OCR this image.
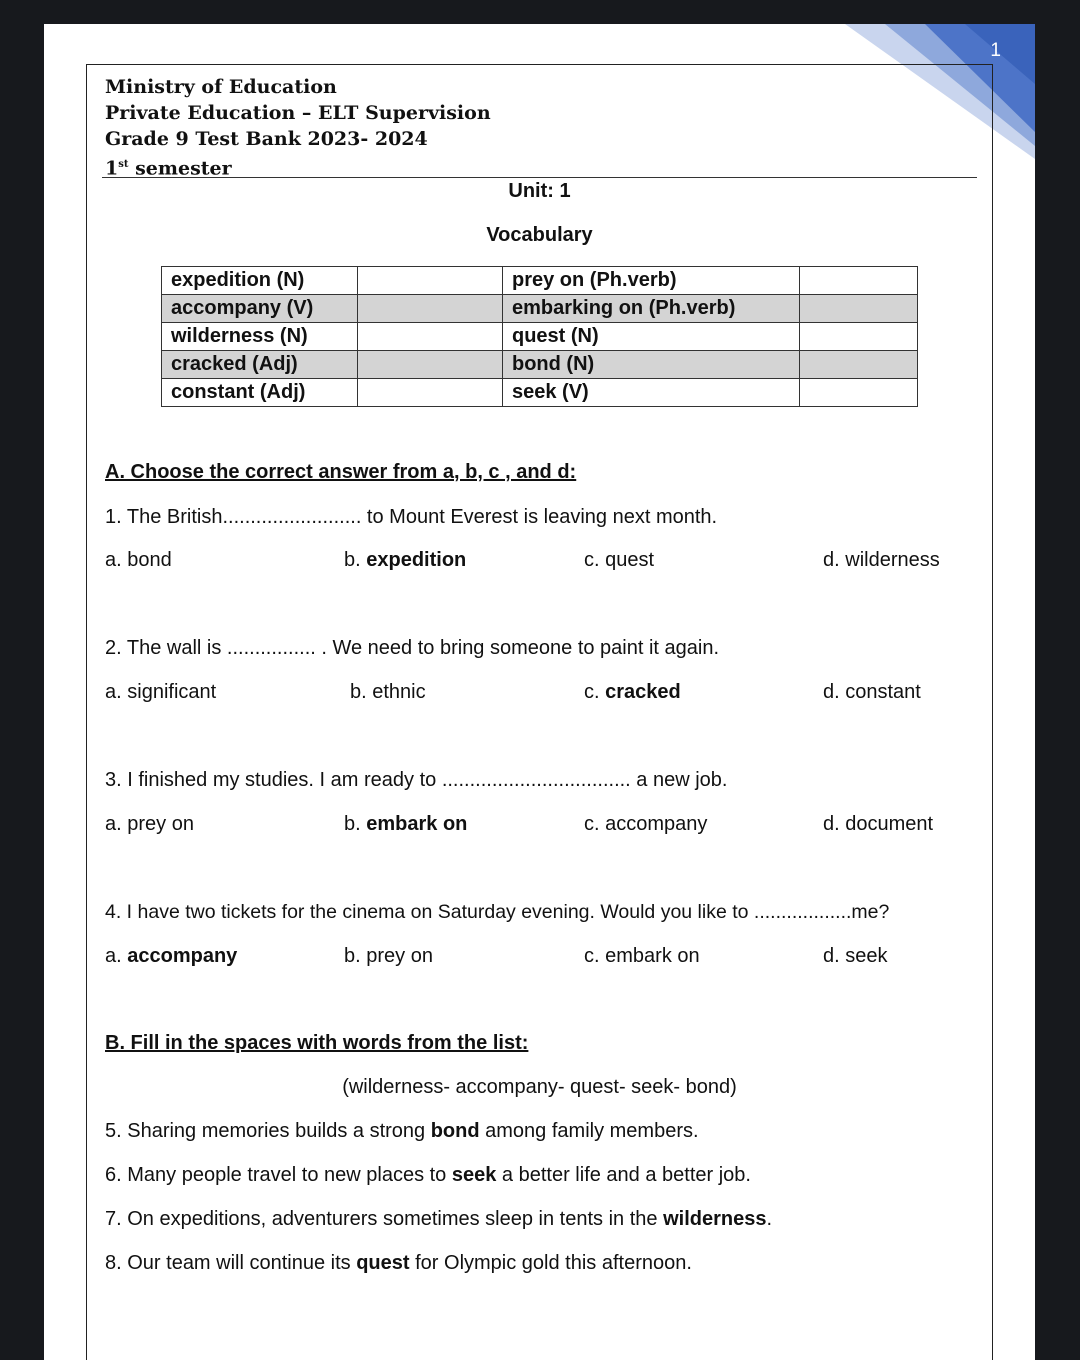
1
Ministry of Education
Private Education – ELT Supervision
Grade 9 Test Bank 2023- 2024
1st semester
Unit: 1
Vocabulary
expedition (N)		prey on (Ph.verb)	
accompany (V)		embarking on (Ph.verb)	
wilderness (N)		quest (N)	
cracked (Adj)		bond (N)	
constant (Adj)		seek (V)	
A. Choose the correct answer from a, b, c , and d:
1. The British......................... to Mount Everest is leaving next month.
a. bond	b. expedition	c. quest	d. wilderness
2. The wall is ................ . We need to bring someone to paint it again.
a. significant	b. ethnic	c. cracked	d. constant
3. I finished my studies. I am ready to .................................. a new job.
a. prey on	b. embark on	c. accompany	d. document
4. I have two tickets for the cinema on Saturday evening. Would you like to ..................me?
a. accompany	b. prey on	c. embark on	d. seek
B. Fill in the spaces with words from the list:
(wilderness- accompany- quest- seek- bond)
5. Sharing memories builds a strong bond among family members.
6. Many people travel to new places to seek a better life and a better job.
7. On expeditions, adventurers sometimes sleep in tents in the wilderness.
8. Our team will continue its quest for Olympic gold this afternoon.
